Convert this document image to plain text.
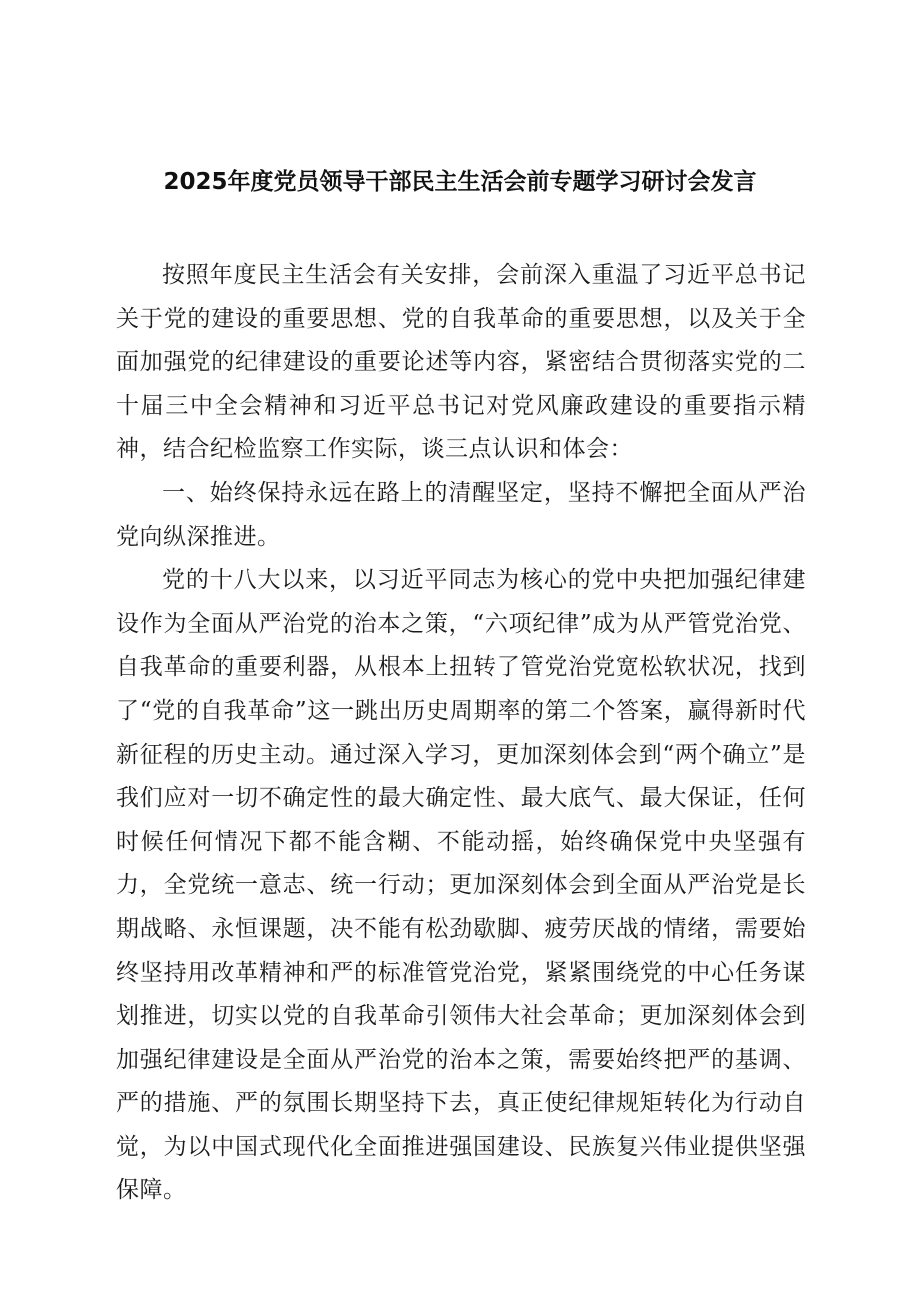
2025年度党员领导干部民主生活会前专题学习研讨会发言

按照年度民主生活会有关安排，会前深入重温了习近平总书记关于党的建设的重要思想、党的自我革命的重要思想，以及关于全面加强党的纪律建设的重要论述等内容，紧密结合贯彻落实党的二十届三中全会精神和习近平总书记对党风廉政建设的重要指示精神，结合纪检监察工作实际，谈三点认识和体会：

一、始终保持永远在路上的清醒坚定，坚持不懈把全面从严治党向纵深推进。

党的十八大以来，以习近平同志为核心的党中央把加强纪律建设作为全面从严治党的治本之策，“六项纪律”成为从严管党治党、自我革命的重要利器，从根本上扭转了管党治党宽松软状况，找到了“党的自我革命”这一跳出历史周期率的第二个答案，赢得新时代新征程的历史主动。通过深入学习，更加深刻体会到“两个确立”是我们应对一切不确定性的最大确定性、最大底气、最大保证，任何时候任何情况下都不能含糊、不能动摇，始终确保党中央坚强有力，全党统一意志、统一行动；更加深刻体会到全面从严治党是长期战略、永恒课题，决不能有松劲歇脚、疲劳厌战的情绪，需要始终坚持用改革精神和严的标准管党治党，紧紧围绕党的中心任务谋划推进，切实以党的自我革命引领伟大社会革命；更加深刻体会到加强纪律建设是全面从严治党的治本之策，需要始终把严的基调、严的措施、严的氛围长期坚持下去，真正使纪律规矩转化为行动自觉，为以中国式现代化全面推进强国建设、民族复兴伟业提供坚强保障。
